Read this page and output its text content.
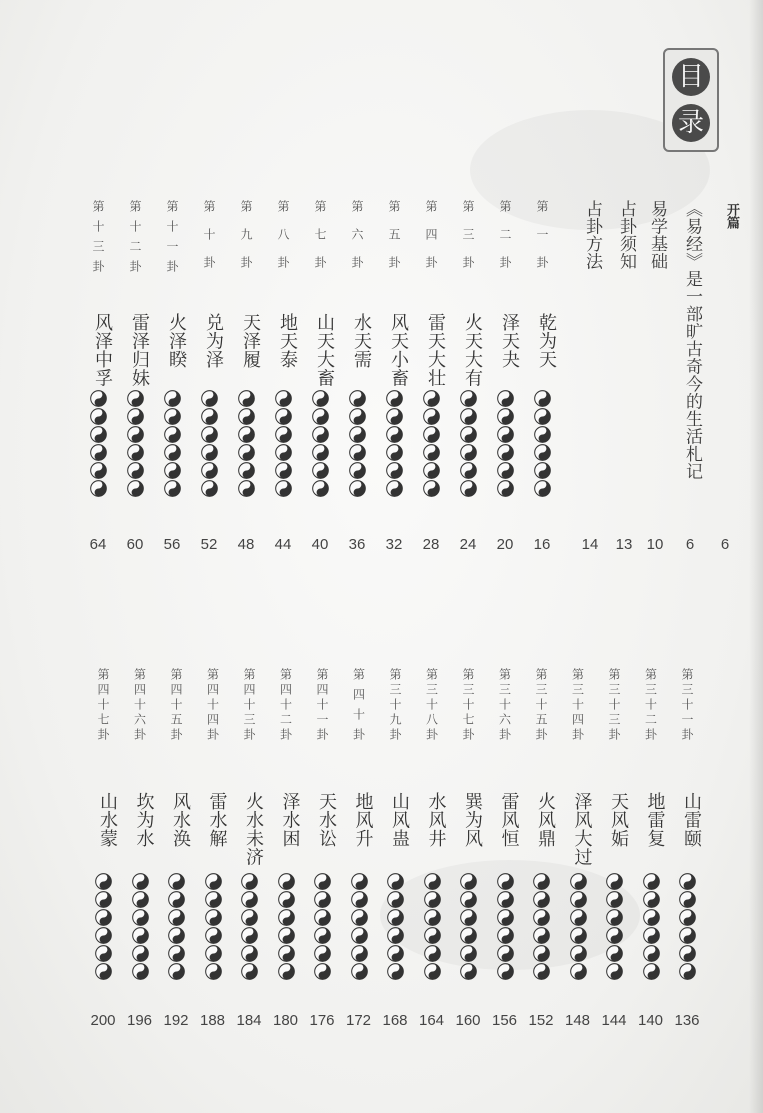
目
录
开篇
6
《易经》是一部旷古奇今的生活札记
6
易学基础
10
占卦须知
13
占卦方法
14
第一卦
乾为天
16
第二卦
泽天夬
20
第三卦
火天大有
24
第四卦
雷天大壮
28
第五卦
风天小畜
32
第六卦
水天需
36
第七卦
山天大畜
40
第八卦
地天泰
44
第九卦
天泽履
48
第十卦
兑为泽
52
第十一卦
火泽睽
56
第十二卦
雷泽归妹
60
第十三卦
风泽中孚
64
第三十一卦
山雷颐
136
第三十二卦
地雷复
140
第三十三卦
天风姤
144
第三十四卦
泽风大过
148
第三十五卦
火风鼎
152
第三十六卦
雷风恒
156
第三十七卦
巽为风
160
第三十八卦
水风井
164
第三十九卦
山风蛊
168
第四十卦
地风升
172
第四十一卦
天水讼
176
第四十二卦
泽水困
180
第四十三卦
火水未济
184
第四十四卦
雷水解
188
第四十五卦
风水涣
192
第四十六卦
坎为水
196
第四十七卦
山水蒙
200
